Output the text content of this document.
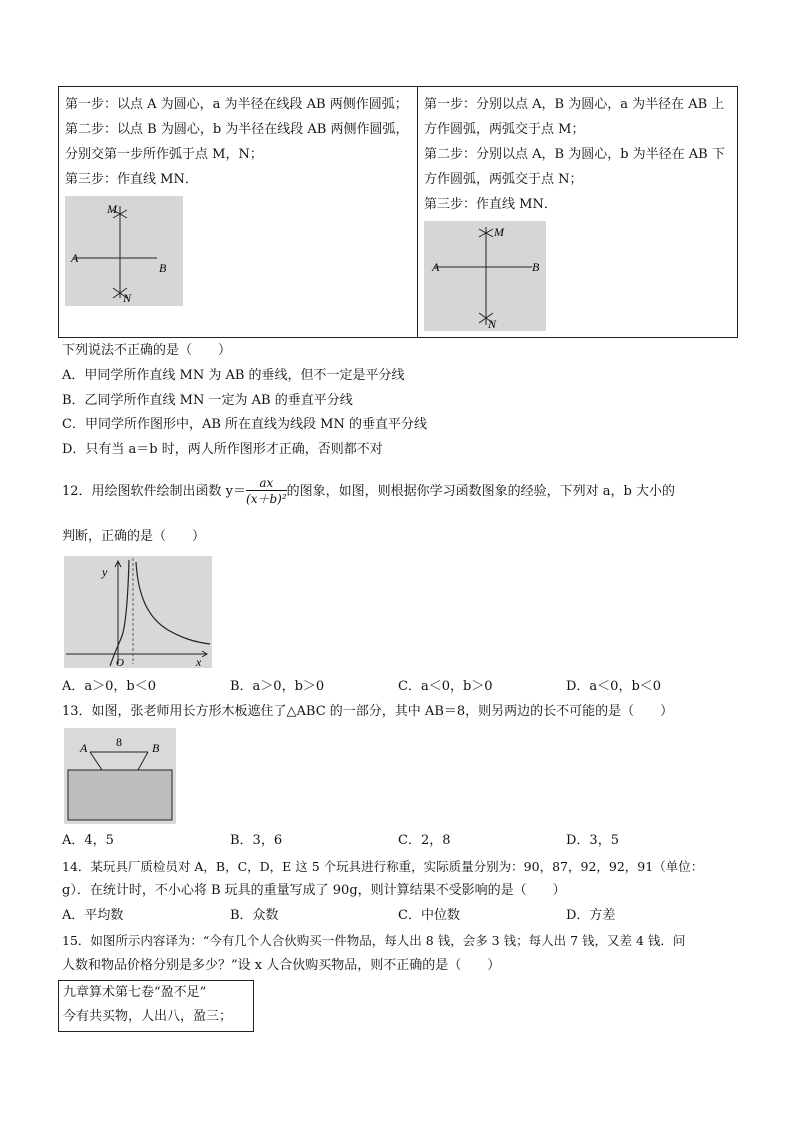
第一步：以点 A 为圆心，a 为半径在线段 AB 两侧作圆弧；
第二步：以点 B 为圆心，b 为半径在线段 AB 两侧作圆弧，
分别交第一步所作弧于点 M，N；
第三步：作直线 MN．
M
N
A
B

第一步：分别以点 A，B 为圆心，a 为半径在 AB 上
方作圆弧，两弧交于点 M；
第二步：分别以点 A，B 为圆心，b 为半径在 AB 下
方作圆弧，两弧交于点 N；
第三步：作直线 MN．
M
N
A	B
下列说法不正确的是（　　）
A．甲同学所作直线 MN 为 AB 的垂线，但不一定是平分线
B．乙同学所作直线 MN 一定为 AB 的垂直平分线
C．甲同学所作图形中，AB 所在直线为线段 MN 的垂直平分线
D．只有当 a＝b 时，两人所作图形才正确，否则都不对
12．用绘图软件绘制出函数 $y= \frac{ax}{\text{(x＋b)²}}$ 的图象，如图，则根据你学习函数图象的经验，下列对 a，b 大小的
判断，正确的是（　　）
y
x
O
A．a＞0，b＜0	B．a＞0，b＞0	C．a＜0，b＞0	D．a＜0，b＜0
13．如图，张老师用长方形木板遮住了△ABC 的一部分，其中 AB＝8，则另两边的长不可能的是（　　）
A	B
8
A．4，5	B．3，6	C．2，8	D．3，5
14．某玩具厂质检员对 A，B，C，D，E 这 5 个玩具进行称重，实际质量分别为：90，87，92，92，91（单位：
g）．在统计时，不小心将 B 玩具的重量写成了 90g，则计算结果不受影响的是（　　）
A．平均数	B．众数	C．中位数	D．方差
15．如图所示内容译为：“今有几个人合伙购买一件物品，每人出 8 钱，会多 3 钱；每人出 7 钱，又差 4 钱．问
人数和物品价格分别是多少？”设 x 人合伙购买物品，则不正确的是（　　）
九章算术第七卷“盈不足”
今有共买物，人出八，盈三；
